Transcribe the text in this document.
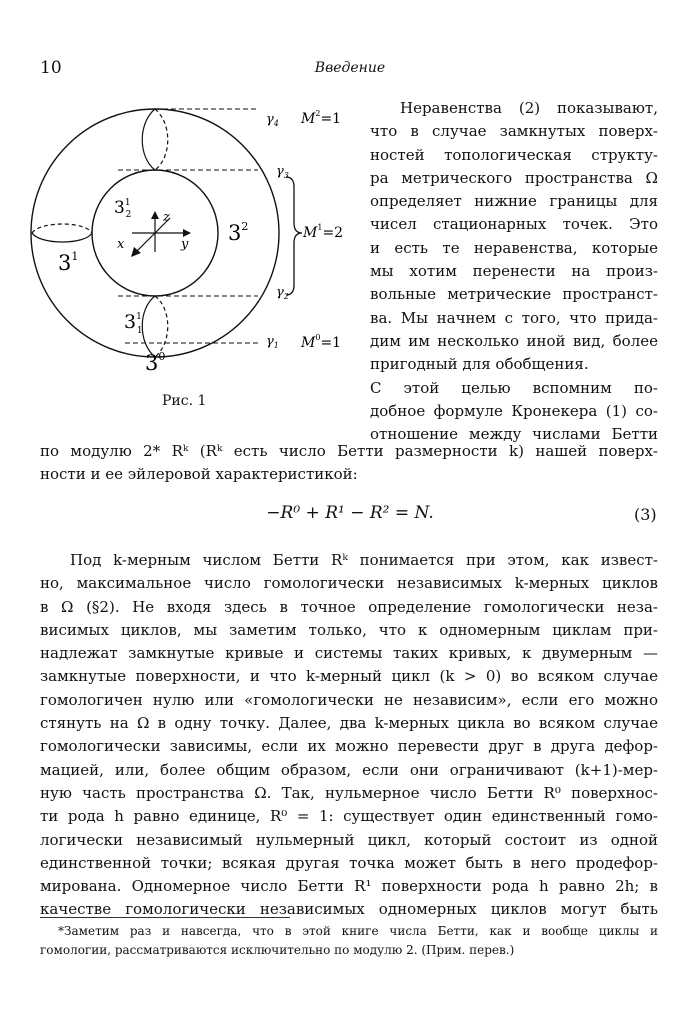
10	Введение
z
x	y $3^2$
$3^1$ 2
$3^1$
$3^1$ 1
$3^0$
$\gamma_4$ $M^2=1$
$\gamma_3$
$\gamma_2$
$\gamma_1$ $M^0=1$
$M^1=2$
Рис. 1
Неравенства (2) показывают,
что в случае замкнутых поверх-
ностей топологическая структу-
ра метрического пространства Ω
определяет нижние границы для
чисел стационарных точек. Это
и есть те неравенства, которые
мы хотим перенести на произ-
вольные метрические пространст-
ва. Мы начнем с того, что прида-
дим им несколько иной вид, более
пригодный для обобщения.
С этой целью вспомним по-
добное формуле Кронекера (1) со-
отношение между числами Бетти
по модулю 2* Rᵏ (Rᵏ есть число Бетти размерности k) нашей поверх-
ности и ее эйлеровой характеристикой:
−R⁰ + R¹ − R² = N.	(3)
Под k-мерным числом Бетти Rᵏ понимается при этом, как извест-
но, максимальное число гомологически независимых k-мерных циклов
в Ω (§2). Не входя здесь в точное определение гомологически неза-
висимых циклов, мы заметим только, что к одномерным циклам при-
надлежат замкнутые кривые и системы таких кривых, к двумерным —
замкнутые поверхности, и что k-мерный цикл (k > 0) во всяком случае
гомологичен нулю или «гомологически не независим», если его можно
стянуть на Ω в одну точку. Далее, два k-мерных цикла во всяком случае
гомологически зависимы, если их можно перевести друг в друга дефор-
мацией, или, более общим образом, если они ограничивают (k+1)-мер-
ную часть пространства Ω. Так, нульмерное число Бетти R⁰ поверхнос-
ти рода h равно единице, R⁰ = 1: существует один единственный гомо-
логически независимый нульмерный цикл, который состоит из одной
единственной точки; всякая другая точка может быть в него продефор-
мирована. Одномерное число Бетти R¹ поверхности рода h равно 2h; в
качестве гомологически независимых одномерных циклов могут быть
*Заметим раз и навсегда, что в этой книге числа Бетти, как и вообще циклы и
гомологии, рассматриваются исключительно по модулю 2. (Прим. перев.)
